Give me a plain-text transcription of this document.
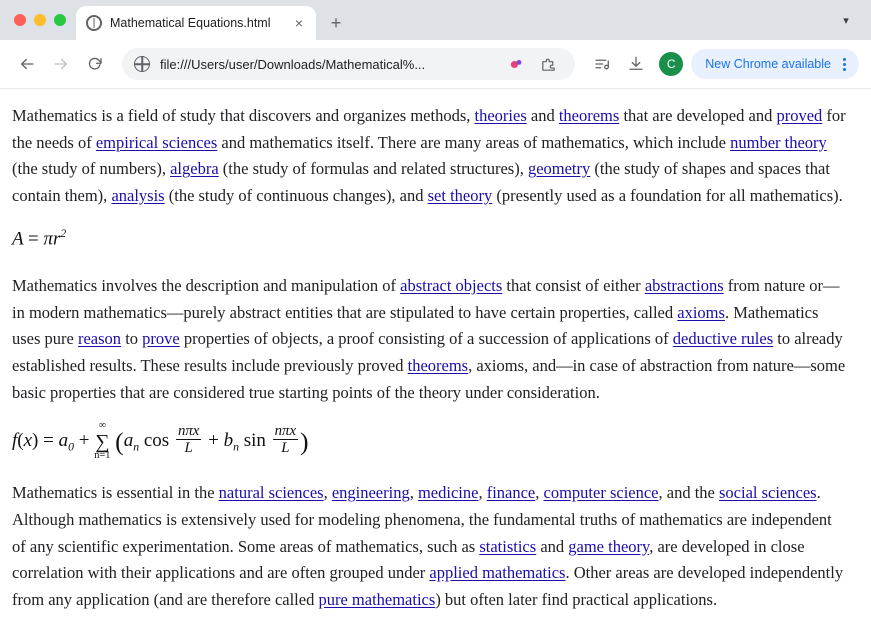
Mathematical Equations.html	×	+	▾
file:///Users/user/Downloads/Mathematical%...	C	New Chrome available

Mathematics is a field of study that discovers and organizes methods, theories and theorems that are developed and proved for the needs of empirical sciences and mathematics itself. There are many areas of mathematics, which include number theory (the study of numbers), algebra (the study of formulas and related structures), geometry (the study of shapes and spaces that contain them), analysis (the study of continuous changes), and set theory (presently used as a foundation for all mathematics).

$A = \pi r^2$

Mathematics involves the description and manipulation of abstract objects that consist of either abstractions from nature or—in modern mathematics—purely abstract entities that are stipulated to have certain properties, called axioms. Mathematics uses pure reason to prove properties of objects, a proof consisting of a succession of applications of deductive rules to already established results. These results include previously proved theorems, axioms, and—in case of abstraction from nature—some basic properties that are considered true starting points of the theory under consideration.

$f(x) = a_0$ +
∞
∑
n=1
($a_n$ $\cos \frac{\text{nπx}}{L} + b_n$ $\sin \frac{\text{nπx}}{L}$ )

Mathematics is essential in the natural sciences, engineering, medicine, finance, computer science, and the social sciences. Although mathematics is extensively used for modeling phenomena, the fundamental truths of mathematics are independent of any scientific experimentation. Some areas of mathematics, such as statistics and game theory, are developed in close correlation with their applications and are often grouped under applied mathematics. Other areas are developed independently from any application (and are therefore called pure mathematics) but often later find practical applications.
